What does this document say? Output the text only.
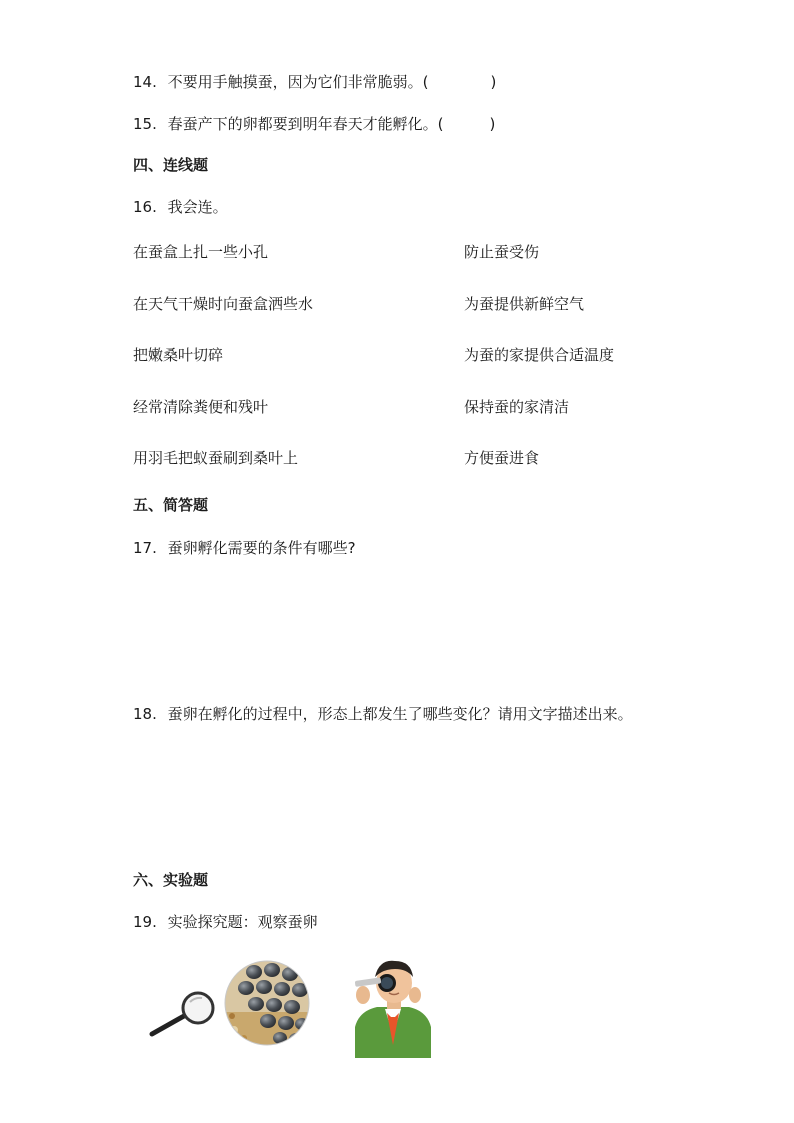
14. 不要用手触摸蚕，因为它们非常脆弱。(	)
15. 春蚕产下的卵都要到明年春天才能孵化。(	)
四、连线题
16. 我会连。
在蚕盒上扎一些小孔
在天气干燥时向蚕盒洒些水
把嫩桑叶切碎
经常清除粪便和残叶
用羽毛把蚁蚕刷到桑叶上
防止蚕受伤
为蚕提供新鲜空气
为蚕的家提供合适温度
保持蚕的家清洁
方便蚕进食
五、简答题
17. 蚕卵孵化需要的条件有哪些?
18. 蚕卵在孵化的过程中，形态上都发生了哪些变化？请用文字描述出来。
六、实验题
19. 实验探究题：观察蚕卵
